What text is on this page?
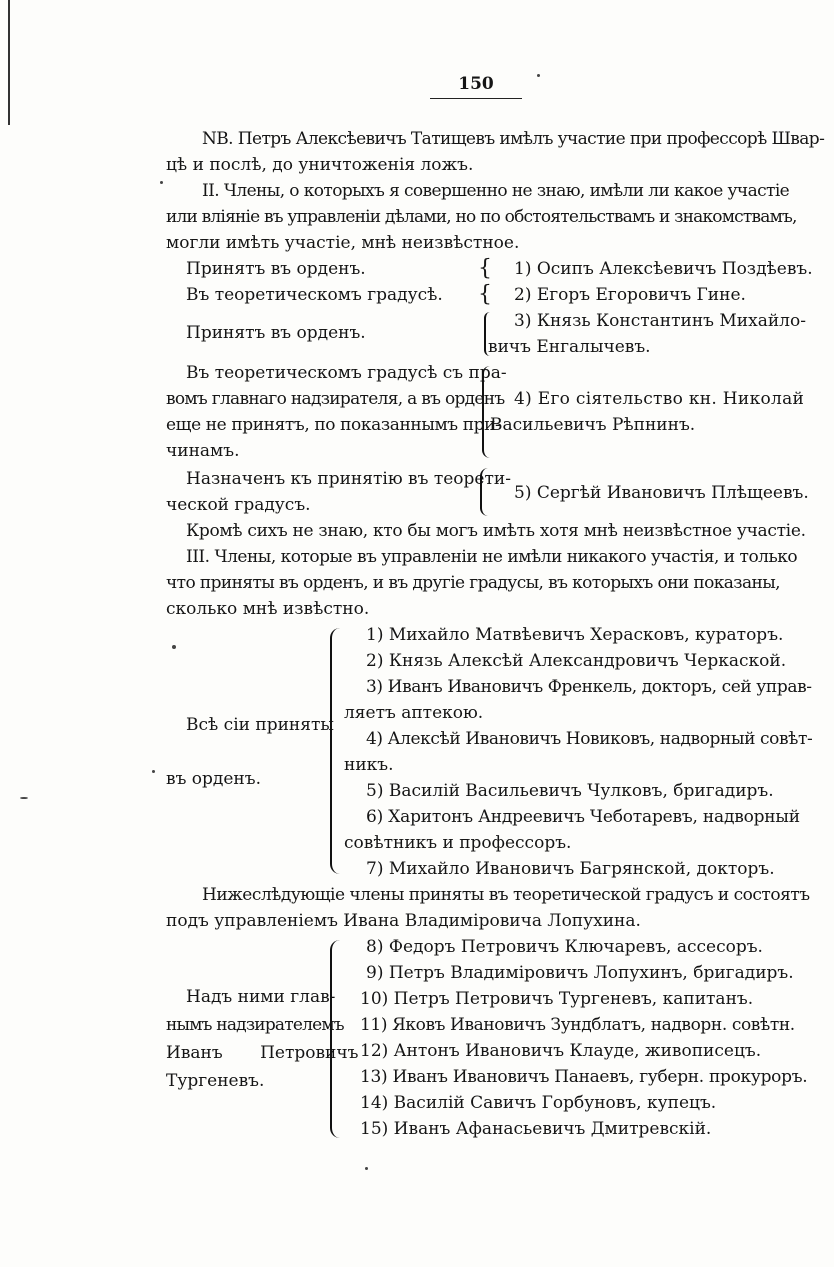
150
NB. Петръ Алексѣевичъ Татищевъ имѣлъ участие при профессорѣ Швар-
цѣ и послѣ, до уничтоженія ложъ.
II. Члены, о которыхъ я совершенно не знаю, имѣли ли какое участіе
или вліяніе въ управленіи дѣлами, но по обстоятельствамъ и знакомствамъ,
могли имѣть участіе, мнѣ неизвѣстное.
Принятъ въ орденъ.	{ 1) Осипъ Алексѣевичъ Поздѣевъ.
Въ теоретическомъ градусѣ. { 2) Егоръ Егоровичъ Гине.
Принятъ въ орденъ.
3) Князь Константинъ Михайло-
вичъ Енгалычевъ.
Въ теоретическомъ градусѣ съ пра-
вомъ главнаго надзирателя, а въ орденъ
еще не принятъ, по показаннымъ при-
чинамъ.
4) Его сіятельство кн. Николай
Васильевичъ Рѣпнинъ.
Назначенъ къ принятію въ теорети-
ческой градусъ.
5) Сергѣй Ивановичъ Плѣщеевъ.
Кромѣ сихъ не знаю, кто бы могъ имѣть хотя мнѣ неизвѣстное участіе.
III. Члены, которые въ управленіи не имѣли никакого участія, и только
что приняты въ орденъ, и въ другіе градусы, въ которыхъ они показаны,
сколько мнѣ извѣстно.
Всѣ сіи приняты
въ орденъ.
1) Михайло Матвѣевичъ Херасковъ, кураторъ.
2) Князь Алексѣй Александровичъ Черкаской.
3) Иванъ Ивановичъ Френкель, докторъ, сей управ-
ляетъ аптекою.
4) Алексѣй Ивановичъ Новиковъ, надворный совѣт-
никъ.
5) Василій Васильевичъ Чулковъ, бригадиръ.
6) Харитонъ Андреевичъ Чеботаревъ, надворный
совѣтникъ и профессоръ.
7) Михайло Ивановичъ Багрянской, докторъ.
Нижеслѣдующіе члены приняты въ теоретической градусъ и состоятъ
подъ управленіемъ Ивана Владиміровича Лопухина.
Надъ ними глав-
нымъ надзирателемъ
Иванъ Петровичъ
Тургеневъ.
8) Федоръ Петровичъ Ключаревъ, ассесоръ.
9) Петръ Владиміровичъ Лопухинъ, бригадиръ.
10) Петръ Петровичъ Тургеневъ, капитанъ.
11) Яковъ Ивановичъ Зундблатъ, надворн. совѣтн.
12) Антонъ Ивановичъ Клауде, живописецъ.
13) Иванъ Ивановичъ Панаевъ, губерн. прокуроръ.
14) Василій Савичъ Горбуновъ, купецъ.
15) Иванъ Афанасьевичъ Дмитревскій.
